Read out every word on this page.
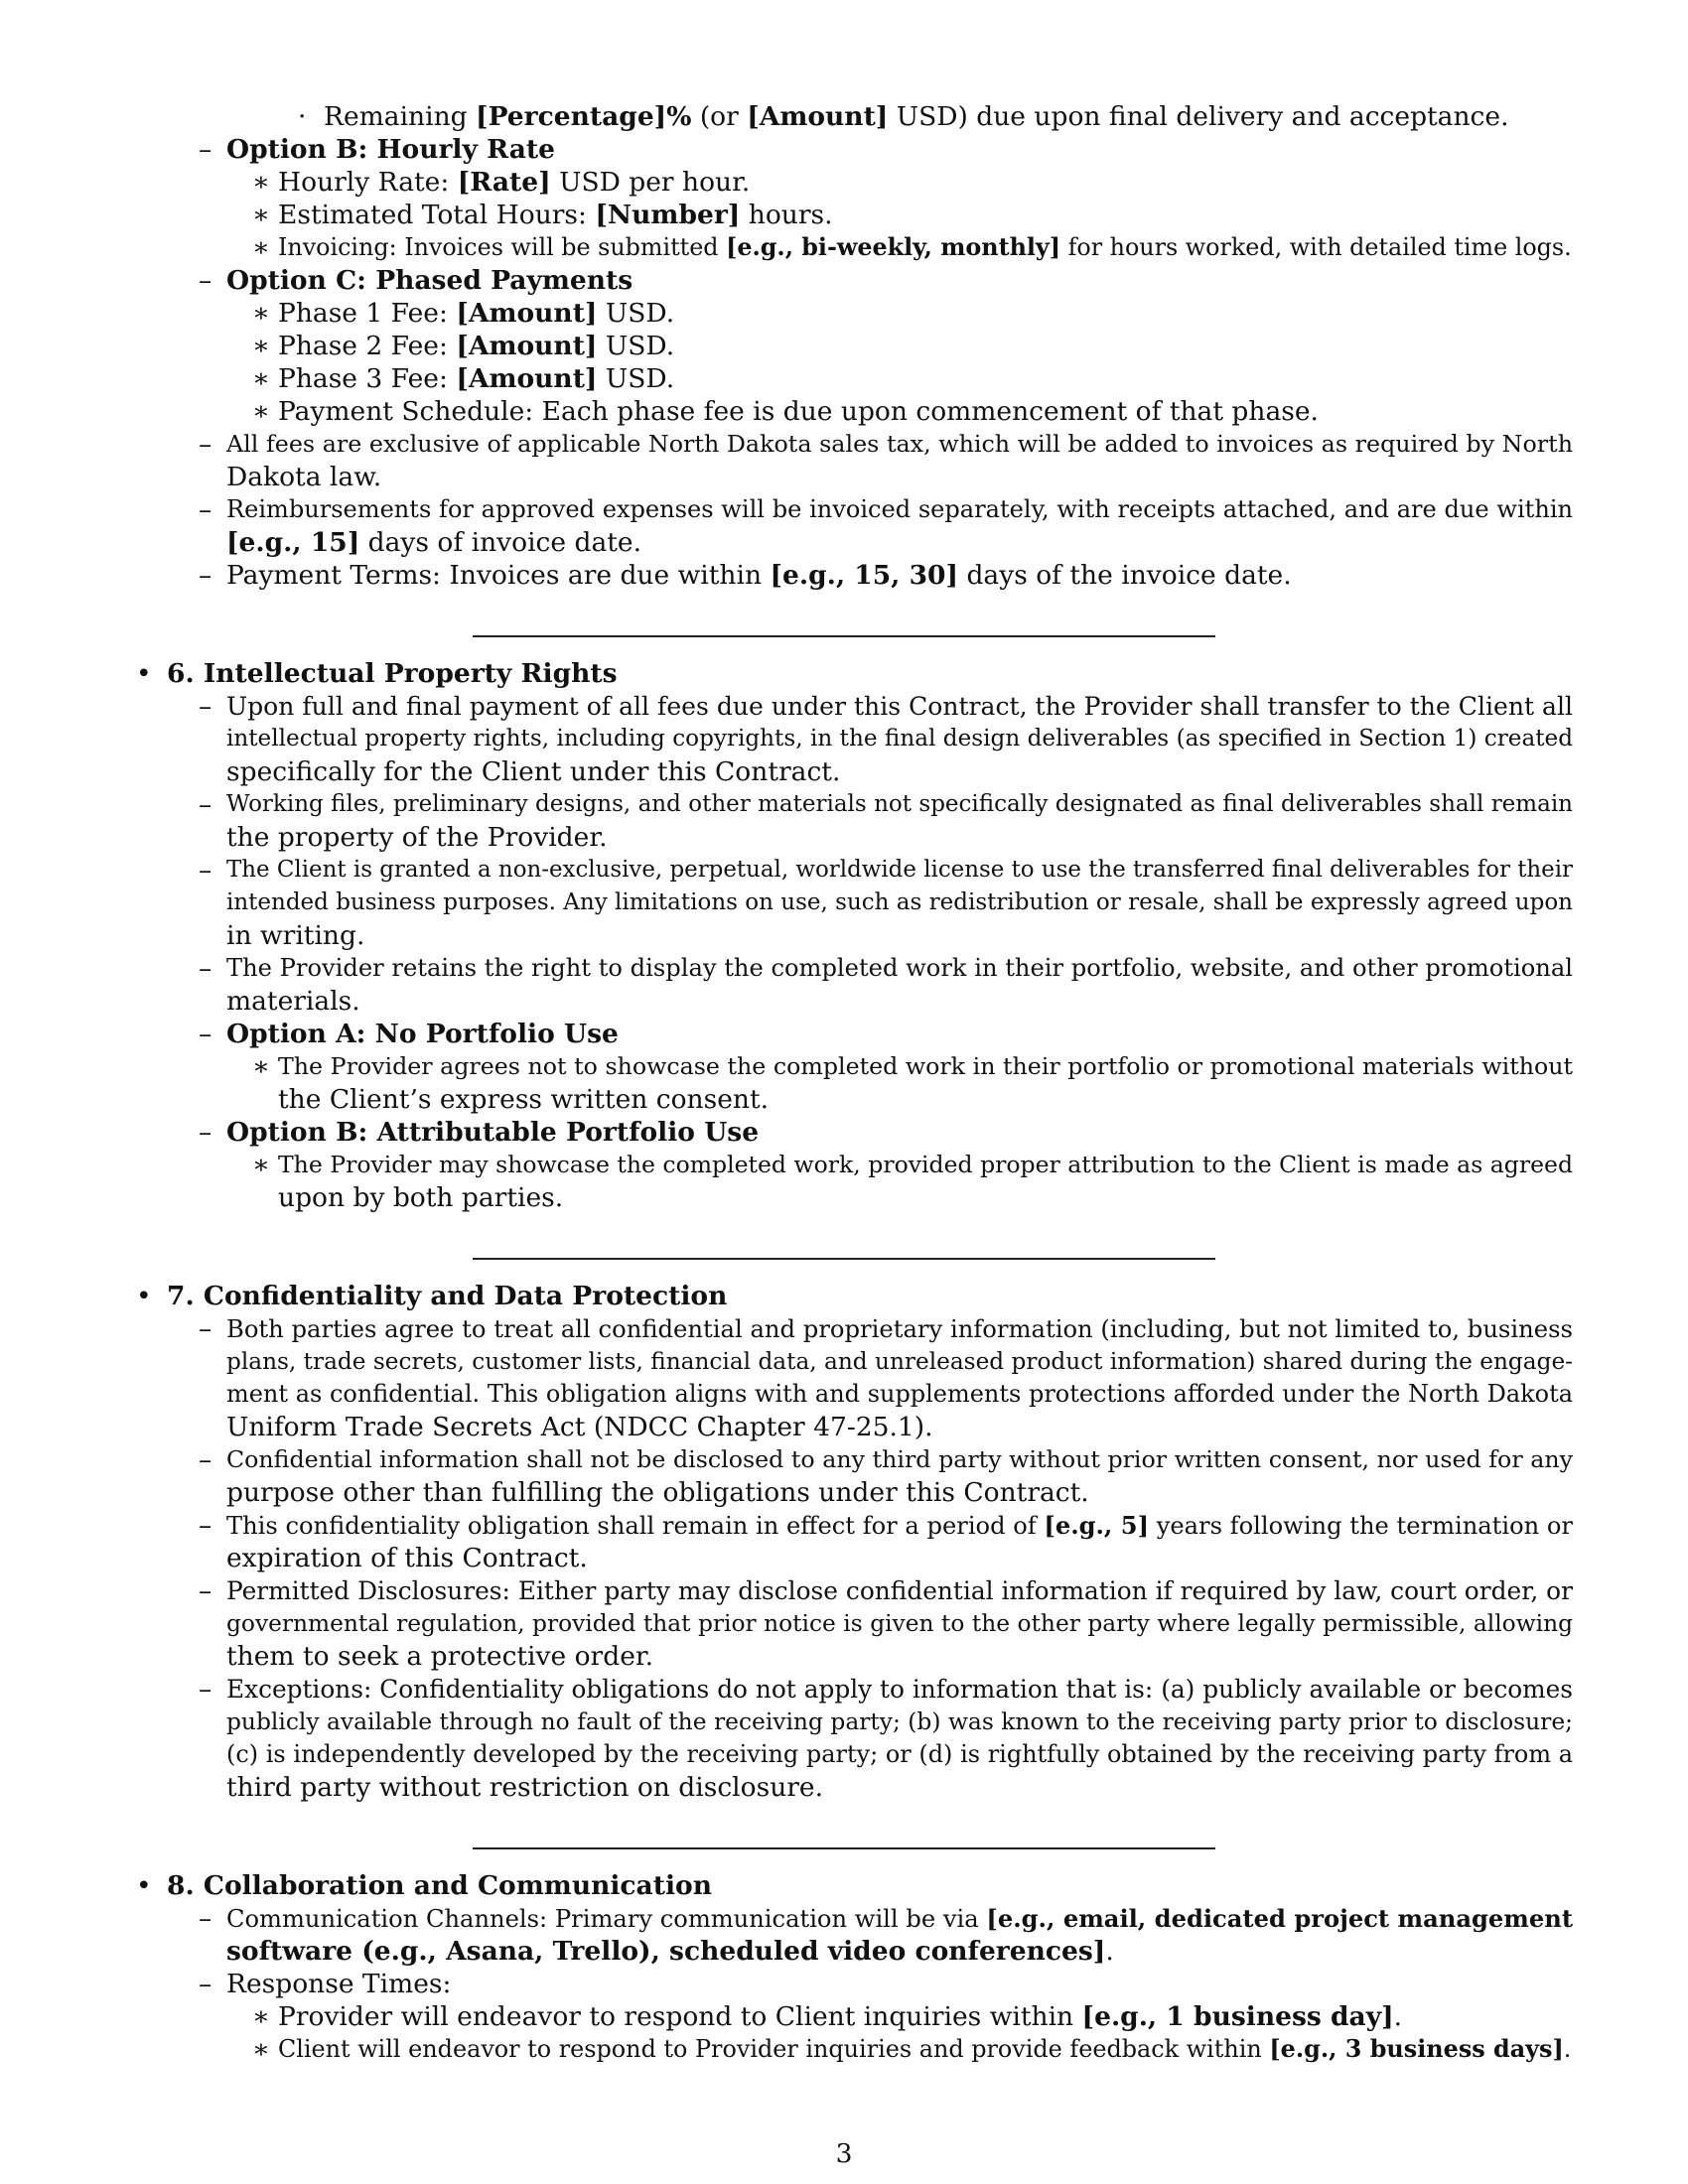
· Remaining [Percentage]% (or [Amount] USD) due upon final delivery and acceptance.
– Option B: Hourly Rate
∗ Hourly Rate: [Rate] USD per hour.
∗ Estimated Total Hours: [Number] hours.
∗ Invoicing: Invoices will be submitted [e.g., bi-weekly, monthly] for hours worked, with detailed time logs.
– Option C: Phased Payments
∗ Phase 1 Fee: [Amount] USD.
∗ Phase 2 Fee: [Amount] USD.
∗ Phase 3 Fee: [Amount] USD.
∗ Payment Schedule: Each phase fee is due upon commencement of that phase.
– All fees are exclusive of applicable North Dakota sales tax, which will be added to invoices as required by North
Dakota law.
– Reimbursements for approved expenses will be invoiced separately, with receipts attached, and are due within
[e.g., 15] days of invoice date.
– Payment Terms: Invoices are due within [e.g., 15, 30] days of the invoice date.
• 6. Intellectual Property Rights
– Upon full and final payment of all fees due under this Contract, the Provider shall transfer to the Client all
intellectual property rights, including copyrights, in the final design deliverables (as specified in Section 1) created
specifically for the Client under this Contract.
– Working files, preliminary designs, and other materials not specifically designated as final deliverables shall remain
the property of the Provider.
– The Client is granted a non-exclusive, perpetual, worldwide license to use the transferred final deliverables for their
intended business purposes. Any limitations on use, such as redistribution or resale, shall be expressly agreed upon
in writing.
– The Provider retains the right to display the completed work in their portfolio, website, and other promotional
materials.
– Option A: No Portfolio Use
∗ The Provider agrees not to showcase the completed work in their portfolio or promotional materials without
the Client’s express written consent.
– Option B: Attributable Portfolio Use
∗ The Provider may showcase the completed work, provided proper attribution to the Client is made as agreed
upon by both parties.
• 7. Confidentiality and Data Protection
– Both parties agree to treat all confidential and proprietary information (including, but not limited to, business
plans, trade secrets, customer lists, financial data, and unreleased product information) shared during the engage-
ment as confidential. This obligation aligns with and supplements protections afforded under the North Dakota
Uniform Trade Secrets Act (NDCC Chapter 47-25.1).
– Confidential information shall not be disclosed to any third party without prior written consent, nor used for any
purpose other than fulfilling the obligations under this Contract.
– This confidentiality obligation shall remain in effect for a period of [e.g., 5] years following the termination or
expiration of this Contract.
– Permitted Disclosures: Either party may disclose confidential information if required by law, court order, or
governmental regulation, provided that prior notice is given to the other party where legally permissible, allowing
them to seek a protective order.
– Exceptions: Confidentiality obligations do not apply to information that is: (a) publicly available or becomes
publicly available through no fault of the receiving party; (b) was known to the receiving party prior to disclosure;
(c) is independently developed by the receiving party; or (d) is rightfully obtained by the receiving party from a
third party without restriction on disclosure.
• 8. Collaboration and Communication
– Communication Channels: Primary communication will be via [e.g., email, dedicated project management
software (e.g., Asana, Trello), scheduled video conferences].
– Response Times:
∗ Provider will endeavor to respond to Client inquiries within [e.g., 1 business day].
∗ Client will endeavor to respond to Provider inquiries and provide feedback within [e.g., 3 business days].
3
